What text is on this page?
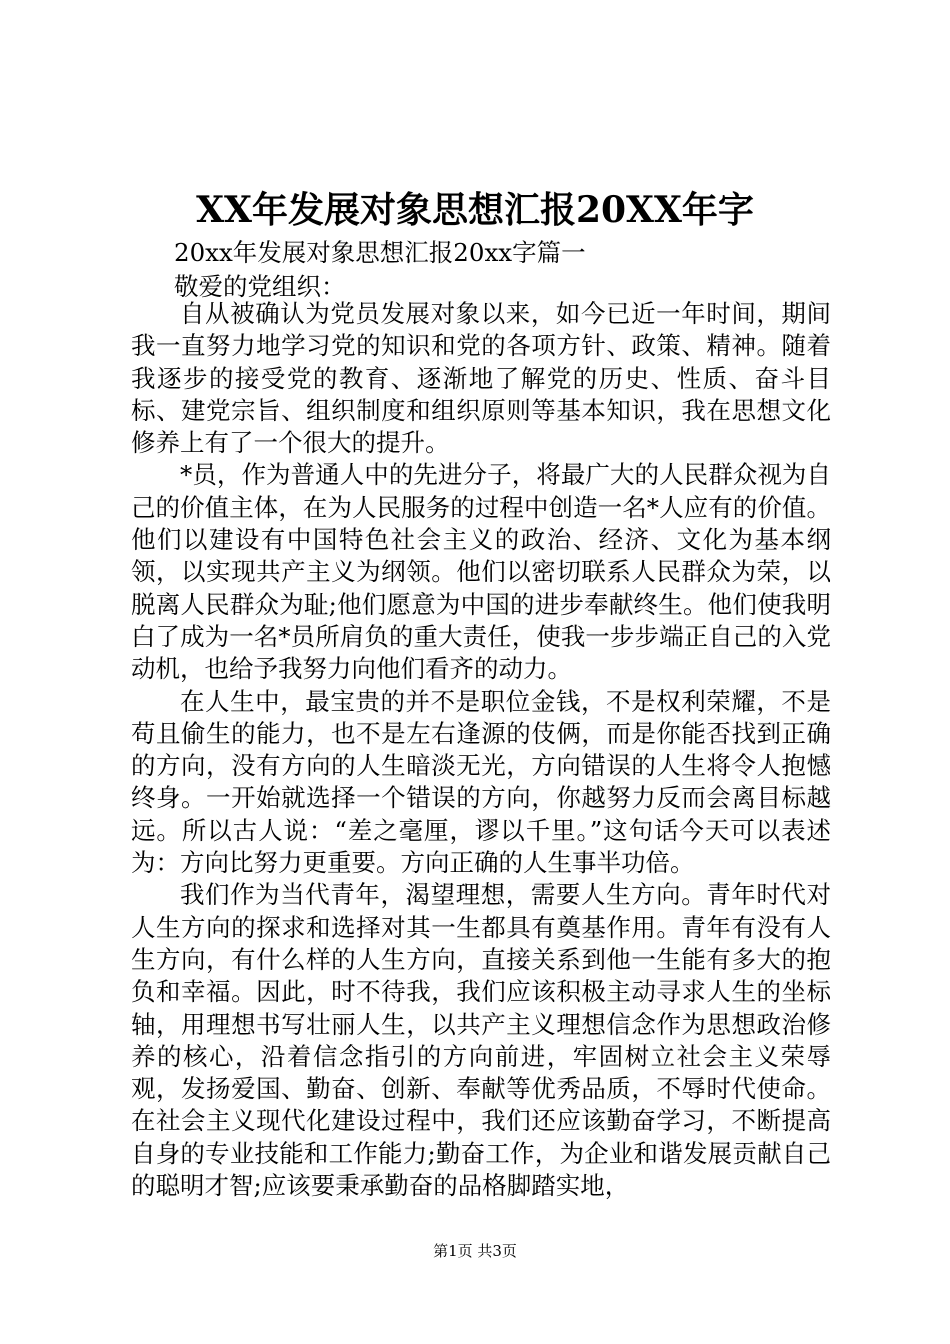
XX年发展对象思想汇报20XX年字
20xx年发展对象思想汇报20xx字篇一
敬爱的党组织：

自从被确认为党员发展对象以来，如今已近一年时间，期间我一直努力地学习党的知识和党的各项方针、政策、精神。随着我逐步的接受党的教育、逐渐地了解党的历史、性质、奋斗目标、建党宗旨、组织制度和组织原则等基本知识，我在思想文化修养上有了一个很大的提升。

*员，作为普通人中的先进分子，将最广大的人民群众视为自己的价值主体，在为人民服务的过程中创造一名*人应有的价值。他们以建设有中国特色社会主义的政治、经济、文化为基本纲领，以实现共产主义为纲领。他们以密切联系人民群众为荣，以脱离人民群众为耻;他们愿意为中国的进步奉献终生。他们使我明白了成为一名*员所肩负的重大责任，使我一步步端正自己的入党动机，也给予我努力向他们看齐的动力。

在人生中，最宝贵的并不是职位金钱，不是权利荣耀，不是苟且偷生的能力，也不是左右逢源的伎俩，而是你能否找到正确的方向，没有方向的人生暗淡无光，方向错误的人生将令人抱憾终身。一开始就选择一个错误的方向，你越努力反而会离目标越远。所以古人说：“差之毫厘，谬以千里。”这句话今天可以表述为：方向比努力更重要。方向正确的人生事半功倍。

我们作为当代青年，渴望理想，需要人生方向。青年时代对人生方向的探求和选择对其一生都具有奠基作用。青年有没有人生方向，有什么样的人生方向，直接关系到他一生能有多大的抱负和幸福。因此，时不待我，我们应该积极主动寻求人生的坐标轴，用理想书写壮丽人生，以共产主义理想信念作为思想政治修养的核心，沿着信念指引的方向前进，牢固树立社会主义荣辱观，发扬爱国、勤奋、创新、奉献等优秀品质，不辱时代使命。在社会主义现代化建设过程中，我们还应该勤奋学习，不断提高自身的专业技能和工作能力;勤奋工作，为企业和谐发展贡献自己的聪明才智;应该要秉承勤奋的品格脚踏实地，

第1页 共3页
